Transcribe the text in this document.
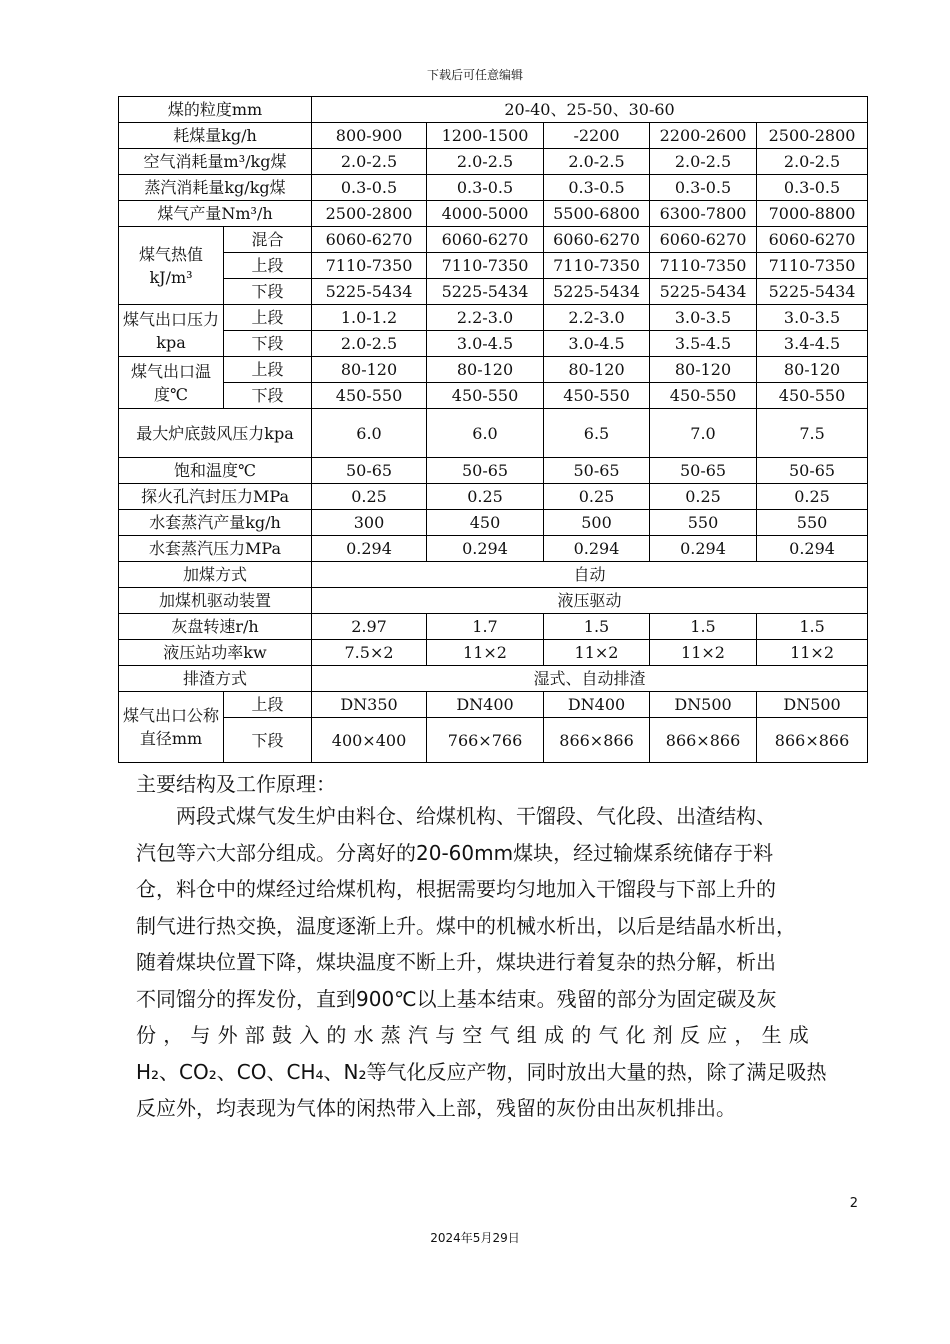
下载后可任意编辑
煤的粒度mm		20-40、25-50、30-60				
耗煤量kg/h		800-900	1200-1500	-2200	2200-2600	2500-2800
空气消耗量m³/kg煤		2.0-2.5	2.0-2.5	2.0-2.5	2.0-2.5	2.0-2.5
蒸汽消耗量kg/kg煤		0.3-0.5	0.3-0.5	0.3-0.5	0.3-0.5	0.3-0.5
煤气产量Nm³/h		2500-2800	4000-5000	5500-6800	6300-7800	7000-8800
煤气热值kJ/m³	混合	6060-6270	6060-6270	6060-6270	6060-6270	6060-6270
	上段	7110-7350	7110-7350	7110-7350	7110-7350	7110-7350
	下段	5225-5434	5225-5434	5225-5434	5225-5434	5225-5434
煤气出口压力kpa	上段	1.0-1.2	2.2-3.0	2.2-3.0	3.0-3.5	3.0-3.5
	下段	2.0-2.5	3.0-4.5	3.0-4.5	3.5-4.5	3.4-4.5
煤气出口温度℃	上段	80-120	80-120	80-120	80-120	80-120
	下段	450-550	450-550	450-550	450-550	450-550
最大炉底鼓风压力kpa		6.0	6.0	6.5	7.0	7.5
饱和温度℃		50-65	50-65	50-65	50-65	50-65
探火孔汽封压力MPa		0.25	0.25	0.25	0.25	0.25
水套蒸汽产量kg/h		300	450	500	550	550
水套蒸汽压力MPa		0.294	0.294	0.294	0.294	0.294
加煤方式		自动				
加煤机驱动装置		液压驱动				
灰盘转速r/h		2.97	1.7	1.5	1.5	1.5
液压站功率kw		7.5×2	11×2	11×2	11×2	11×2
排渣方式		湿式、自动排渣				
煤气出口公称直径mm	上段	DN350	DN400	DN400	DN500	DN500
	下段	400×400	766×766	866×866	866×866	866×866
主要结构及工作原理：
　　两段式煤气发生炉由料仓、给煤机构、干馏段、气化段、出渣结构、
汽包等六大部分组成。分离好的20-60mm煤块，经过输煤系统储存于料
仓，料仓中的煤经过给煤机构，根据需要均匀地加入干馏段与下部上升的
制气进行热交换，温度逐渐上升。煤中的机械水析出，以后是结晶水析出，
随着煤块位置下降，煤块温度不断上升，煤块进行着复杂的热分解，析出
不同馏分的挥发份，直到900℃以上基本结束。残留的部分为固定碳及灰
份，与外部鼓入的水蒸汽与空气组成的气化剂反应，生成
H₂、CO₂、CO、CH₄、N₂等气化反应产物，同时放出大量的热，除了满足吸热
反应外，均表现为气体的闲热带入上部，残留的灰份由出灰机排出。
2
2024年5月29日
